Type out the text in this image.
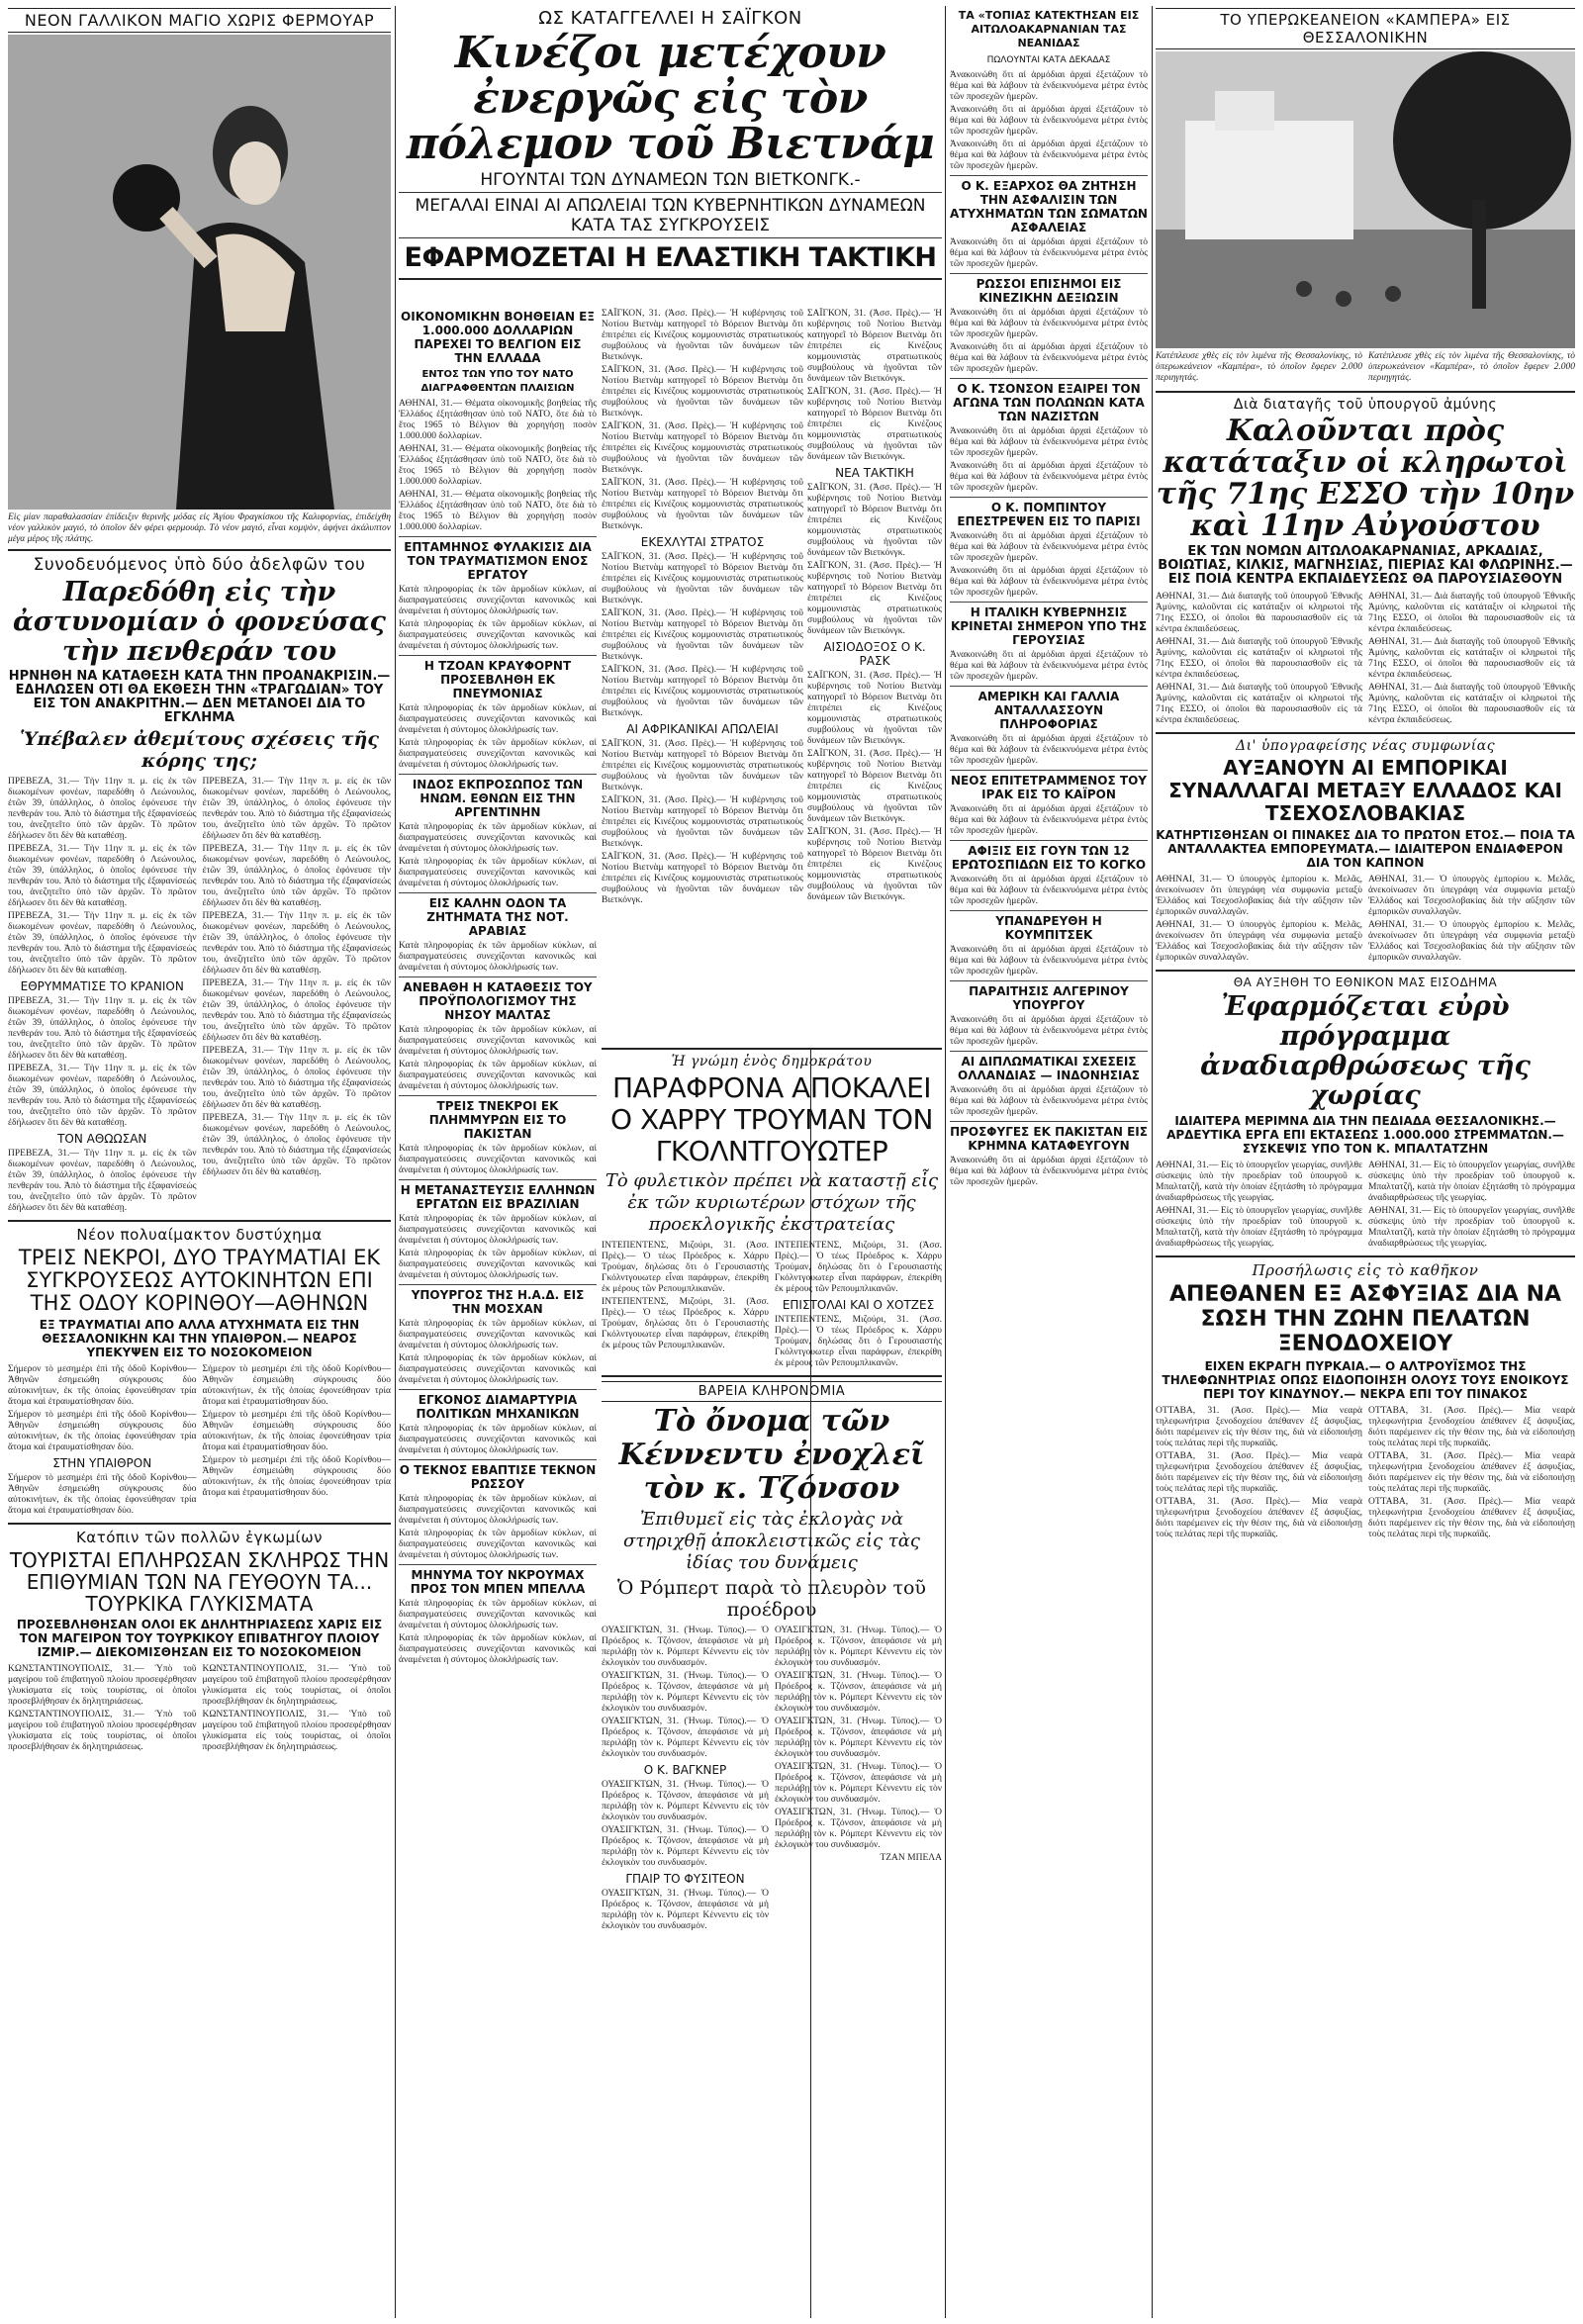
ΝΕΟΝ ΓΑΛΛΙΚΟΝ ΜΑΓΙΟ ΧΩΡΙΣ ΦΕΡΜΟΥΑΡ
Εἰς μίαν παραθαλασσίαν ἐπίδειξιν θερινῆς μόδας εἰς Ἁγίου Φραγκίσκου τῆς Καλιφορνίας, ἐπιδείχθη νέον γαλλικὸν μαγιό, τὸ ὁποῖον δὲν φέρει φερμουάρ. Τὸ νέον μαγιό, εἶναι κομψὸν, ἀφήνει ἀκάλυπτον μέγα μέρος τῆς πλάτης.
Συνοδευόμενος ὑπὸ δύο ἀδελφῶν του
Παρεδόθη εἰς τὴν ἀστυνομίαν ὁ φονεύσας τὴν πενθεράν του
ΗΡΝΗΘΗ ΝΑ ΚΑΤΑΘΕΣΗ ΚΑΤΑ ΤΗΝ ΠΡΟΑΝΑΚΡΙΣΙΝ.— ΕΔΗΛΩΣΕΝ ΟΤΙ ΘΑ ΕΚΘΕΣΗ ΤΗΝ «ΤΡΑΓΩΔΙΑΝ» ΤΟΥ ΕΙΣ ΤΟΝ ΑΝΑΚΡΙΤΗΝ.— ΔΕΝ ΜΕΤΑΝΟΕΙ ΔΙΑ ΤΟ ΕΓΚΛΗΜΑ
Ὑπέβαλεν ἀθεμίτους σχέσεις τῆς κόρης της;
ΠΡΕΒΕΖΑ, 31.— Τὴν 11ην π. μ. εἰς ἐκ τῶν διωκομένων φονέων, παρεδόθη ὁ Λεώνουλος, ἐτῶν 39, ὑπάλληλος, ὁ ὁποῖος ἐφόνευσε τὴν πενθεράν του. Ἀπὸ τὸ διάστημα τῆς ἐξαφανίσεώς του, ἀνεζητεῖτο ὑπὸ τῶν ἀρχῶν. Τὸ πρῶτον ἐδήλωσεν ὅτι δὲν θὰ καταθέσῃ.
ΠΡΕΒΕΖΑ, 31.— Τὴν 11ην π. μ. εἰς ἐκ τῶν διωκομένων φονέων, παρεδόθη ὁ Λεώνουλος, ἐτῶν 39, ὑπάλληλος, ὁ ὁποῖος ἐφόνευσε τὴν πενθεράν του. Ἀπὸ τὸ διάστημα τῆς ἐξαφανίσεώς του, ἀνεζητεῖτο ὑπὸ τῶν ἀρχῶν. Τὸ πρῶτον ἐδήλωσεν ὅτι δὲν θὰ καταθέσῃ.
ΠΡΕΒΕΖΑ, 31.— Τὴν 11ην π. μ. εἰς ἐκ τῶν διωκομένων φονέων, παρεδόθη ὁ Λεώνουλος, ἐτῶν 39, ὑπάλληλος, ὁ ὁποῖος ἐφόνευσε τὴν πενθεράν του. Ἀπὸ τὸ διάστημα τῆς ἐξαφανίσεώς του, ἀνεζητεῖτο ὑπὸ τῶν ἀρχῶν. Τὸ πρῶτον ἐδήλωσεν ὅτι δὲν θὰ καταθέσῃ.
ΕΘΡΥΜΜΑΤΙΣΕ ΤΟ ΚΡΑΝΙΟΝ
ΠΡΕΒΕΖΑ, 31.— Τὴν 11ην π. μ. εἰς ἐκ τῶν διωκομένων φονέων, παρεδόθη ὁ Λεώνουλος, ἐτῶν 39, ὑπάλληλος, ὁ ὁποῖος ἐφόνευσε τὴν πενθεράν του. Ἀπὸ τὸ διάστημα τῆς ἐξαφανίσεώς του, ἀνεζητεῖτο ὑπὸ τῶν ἀρχῶν. Τὸ πρῶτον ἐδήλωσεν ὅτι δὲν θὰ καταθέσῃ.
ΠΡΕΒΕΖΑ, 31.— Τὴν 11ην π. μ. εἰς ἐκ τῶν διωκομένων φονέων, παρεδόθη ὁ Λεώνουλος, ἐτῶν 39, ὑπάλληλος, ὁ ὁποῖος ἐφόνευσε τὴν πενθεράν του. Ἀπὸ τὸ διάστημα τῆς ἐξαφανίσεώς του, ἀνεζητεῖτο ὑπὸ τῶν ἀρχῶν. Τὸ πρῶτον ἐδήλωσεν ὅτι δὲν θὰ καταθέσῃ.
ΤΟΝ ΑΘΩΩΣΑΝ
ΠΡΕΒΕΖΑ, 31.— Τὴν 11ην π. μ. εἰς ἐκ τῶν διωκομένων φονέων, παρεδόθη ὁ Λεώνουλος, ἐτῶν 39, ὑπάλληλος, ὁ ὁποῖος ἐφόνευσε τὴν πενθεράν του. Ἀπὸ τὸ διάστημα τῆς ἐξαφανίσεώς του, ἀνεζητεῖτο ὑπὸ τῶν ἀρχῶν. Τὸ πρῶτον ἐδήλωσεν ὅτι δὲν θὰ καταθέσῃ.
ΠΡΕΒΕΖΑ, 31.— Τὴν 11ην π. μ. εἰς ἐκ τῶν διωκομένων φονέων, παρεδόθη ὁ Λεώνουλος, ἐτῶν 39, ὑπάλληλος, ὁ ὁποῖος ἐφόνευσε τὴν πενθεράν του. Ἀπὸ τὸ διάστημα τῆς ἐξαφανίσεώς του, ἀνεζητεῖτο ὑπὸ τῶν ἀρχῶν. Τὸ πρῶτον ἐδήλωσεν ὅτι δὲν θὰ καταθέσῃ.
ΠΡΕΒΕΖΑ, 31.— Τὴν 11ην π. μ. εἰς ἐκ τῶν διωκομένων φονέων, παρεδόθη ὁ Λεώνουλος, ἐτῶν 39, ὑπάλληλος, ὁ ὁποῖος ἐφόνευσε τὴν πενθεράν του. Ἀπὸ τὸ διάστημα τῆς ἐξαφανίσεώς του, ἀνεζητεῖτο ὑπὸ τῶν ἀρχῶν. Τὸ πρῶτον ἐδήλωσεν ὅτι δὲν θὰ καταθέσῃ.
ΠΡΕΒΕΖΑ, 31.— Τὴν 11ην π. μ. εἰς ἐκ τῶν διωκομένων φονέων, παρεδόθη ὁ Λεώνουλος, ἐτῶν 39, ὑπάλληλος, ὁ ὁποῖος ἐφόνευσε τὴν πενθεράν του. Ἀπὸ τὸ διάστημα τῆς ἐξαφανίσεώς του, ἀνεζητεῖτο ὑπὸ τῶν ἀρχῶν. Τὸ πρῶτον ἐδήλωσεν ὅτι δὲν θὰ καταθέσῃ.
ΠΡΕΒΕΖΑ, 31.— Τὴν 11ην π. μ. εἰς ἐκ τῶν διωκομένων φονέων, παρεδόθη ὁ Λεώνουλος, ἐτῶν 39, ὑπάλληλος, ὁ ὁποῖος ἐφόνευσε τὴν πενθεράν του. Ἀπὸ τὸ διάστημα τῆς ἐξαφανίσεώς του, ἀνεζητεῖτο ὑπὸ τῶν ἀρχῶν. Τὸ πρῶτον ἐδήλωσεν ὅτι δὲν θὰ καταθέσῃ.
ΠΡΕΒΕΖΑ, 31.— Τὴν 11ην π. μ. εἰς ἐκ τῶν διωκομένων φονέων, παρεδόθη ὁ Λεώνουλος, ἐτῶν 39, ὑπάλληλος, ὁ ὁποῖος ἐφόνευσε τὴν πενθεράν του. Ἀπὸ τὸ διάστημα τῆς ἐξαφανίσεώς του, ἀνεζητεῖτο ὑπὸ τῶν ἀρχῶν. Τὸ πρῶτον ἐδήλωσεν ὅτι δὲν θὰ καταθέσῃ.
ΠΡΕΒΕΖΑ, 31.— Τὴν 11ην π. μ. εἰς ἐκ τῶν διωκομένων φονέων, παρεδόθη ὁ Λεώνουλος, ἐτῶν 39, ὑπάλληλος, ὁ ὁποῖος ἐφόνευσε τὴν πενθεράν του. Ἀπὸ τὸ διάστημα τῆς ἐξαφανίσεώς του, ἀνεζητεῖτο ὑπὸ τῶν ἀρχῶν. Τὸ πρῶτον ἐδήλωσεν ὅτι δὲν θὰ καταθέσῃ.
Νέον πολυαίμακτον δυστύχημα
ΤΡΕΙΣ ΝΕΚΡΟΙ, ΔΥΟ ΤΡΑΥΜΑΤΙΑΙ ΕΚ ΣΥΓΚΡΟΥΣΕΩΣ ΑΥΤΟΚΙΝΗΤΩΝ ΕΠΙ ΤΗΣ ΟΔΟΥ ΚΟΡΙΝΘΟΥ—ΑΘΗΝΩΝ
ΕΞ ΤΡΑΥΜΑΤΙΑΙ ΑΠΟ ΑΛΛΑ ΑΤΥΧΗΜΑΤΑ ΕΙΣ ΤΗΝ ΘΕΣΣΑΛΟΝΙΚΗΝ ΚΑΙ ΤΗΝ ΥΠΑΙΘΡΟΝ.— ΝΕΑΡΟΣ ΥΠΕΚΥΨΕΝ ΕΙΣ ΤΟ ΝΟΣΟΚΟΜΕΙΟΝ
Σήμερον τὸ μεσημέρι ἐπὶ τῆς ὁδοῦ Κορίνθου—Ἀθηνῶν ἐσημειώθη σύγκρουσις δύο αὐτοκινήτων, ἐκ τῆς ὁποίας ἐφονεύθησαν τρία ἄτομα καὶ ἐτραυματίσθησαν δύο.
Σήμερον τὸ μεσημέρι ἐπὶ τῆς ὁδοῦ Κορίνθου—Ἀθηνῶν ἐσημειώθη σύγκρουσις δύο αὐτοκινήτων, ἐκ τῆς ὁποίας ἐφονεύθησαν τρία ἄτομα καὶ ἐτραυματίσθησαν δύο.
ΣΤΗΝ ΥΠΑΙΘΡΟΝ
Σήμερον τὸ μεσημέρι ἐπὶ τῆς ὁδοῦ Κορίνθου—Ἀθηνῶν ἐσημειώθη σύγκρουσις δύο αὐτοκινήτων, ἐκ τῆς ὁποίας ἐφονεύθησαν τρία ἄτομα καὶ ἐτραυματίσθησαν δύο.
Σήμερον τὸ μεσημέρι ἐπὶ τῆς ὁδοῦ Κορίνθου—Ἀθηνῶν ἐσημειώθη σύγκρουσις δύο αὐτοκινήτων, ἐκ τῆς ὁποίας ἐφονεύθησαν τρία ἄτομα καὶ ἐτραυματίσθησαν δύο.
Σήμερον τὸ μεσημέρι ἐπὶ τῆς ὁδοῦ Κορίνθου—Ἀθηνῶν ἐσημειώθη σύγκρουσις δύο αὐτοκινήτων, ἐκ τῆς ὁποίας ἐφονεύθησαν τρία ἄτομα καὶ ἐτραυματίσθησαν δύο.
Σήμερον τὸ μεσημέρι ἐπὶ τῆς ὁδοῦ Κορίνθου—Ἀθηνῶν ἐσημειώθη σύγκρουσις δύο αὐτοκινήτων, ἐκ τῆς ὁποίας ἐφονεύθησαν τρία ἄτομα καὶ ἐτραυματίσθησαν δύο.
Κατόπιν τῶν πολλῶν ἐγκωμίων
ΤΟΥΡΙΣΤΑΙ ΕΠΛΗΡΩΣΑΝ ΣΚΛΗΡΩΣ ΤΗΝ ΕΠΙΘΥΜΙΑΝ ΤΩΝ ΝΑ ΓΕΥΘΟΥΝ ΤΑ... ΤΟΥΡΚΙΚΑ ΓΛΥΚΙΣΜΑΤΑ
ΠΡΟΣΕΒΛΗΘΗΣΑΝ ΟΛΟΙ ΕΚ ΔΗΛΗΤΗΡΙΑΣΕΩΣ ΧΑΡΙΣ ΕΙΣ ΤΟΝ ΜΑΓΕΙΡΟΝ ΤΟΥ ΤΟΥΡΚΙΚΟΥ ΕΠΙΒΑΤΗΓΟΥ ΠΛΟΙΟΥ ΙΖΜΙΡ.— ΔΙΕΚΟΜΙΣΘΗΣΑΝ ΕΙΣ ΤΟ ΝΟΣΟΚΟΜΕΙΟΝ
ΚΩΝΣΤΑΝΤΙΝΟΥΠΟΛΙΣ, 31.— Ὑπὸ τοῦ μαγείρου τοῦ ἐπιβατηγοῦ πλοίου προσεφέρθησαν γλυκίσματα εἰς τοὺς τουρίστας, οἱ ὁποῖοι προσεβλήθησαν ἐκ δηλητηριάσεως.
ΚΩΝΣΤΑΝΤΙΝΟΥΠΟΛΙΣ, 31.— Ὑπὸ τοῦ μαγείρου τοῦ ἐπιβατηγοῦ πλοίου προσεφέρθησαν γλυκίσματα εἰς τοὺς τουρίστας, οἱ ὁποῖοι προσεβλήθησαν ἐκ δηλητηριάσεως.
ΚΩΝΣΤΑΝΤΙΝΟΥΠΟΛΙΣ, 31.— Ὑπὸ τοῦ μαγείρου τοῦ ἐπιβατηγοῦ πλοίου προσεφέρθησαν γλυκίσματα εἰς τοὺς τουρίστας, οἱ ὁποῖοι προσεβλήθησαν ἐκ δηλητηριάσεως.
ΚΩΝΣΤΑΝΤΙΝΟΥΠΟΛΙΣ, 31.— Ὑπὸ τοῦ μαγείρου τοῦ ἐπιβατηγοῦ πλοίου προσεφέρθησαν γλυκίσματα εἰς τοὺς τουρίστας, οἱ ὁποῖοι προσεβλήθησαν ἐκ δηλητηριάσεως.
ΩΣ ΚΑΤΑΓΓΕΛΛΕΙ Η ΣΑΪΓΚΟΝ
Κινέζοι μετέχουν ἐνεργῶς εἰς τὸν πόλεμον τοῦ Βιετνάμ
ΗΓΟΥΝΤΑΙ ΤΩΝ ΔΥΝΑΜΕΩΝ ΤΩΝ ΒΙΕΤΚΟΝΓΚ.-
ΜΕΓΑΛΑΙ ΕΙΝΑΙ ΑΙ ΑΠΩΛΕΙΑΙ ΤΩΝ ΚΥΒΕΡΝΗΤΙΚΩΝ ΔΥΝΑΜΕΩΝ ΚΑΤΑ ΤΑΣ ΣΥΓΚΡΟΥΣΕΙΣ
ΕΦΑΡΜΟΖΕΤΑΙ Η ΕΛΑΣΤΙΚΗ ΤΑΚΤΙΚΗ
ΟΙΚΟΝΟΜΙΚΗΝ ΒΟΗΘΕΙΑΝ ΕΞ 1.000.000 ΔΟΛΛΑΡΙΩΝ ΠΑΡΕΧΕΙ ΤΟ ΒΕΛΓΙΟΝ ΕΙΣ ΤΗΝ ΕΛΛΑΔΑ
ΕΝΤΟΣ ΤΩΝ ΥΠΟ ΤΟΥ ΝΑΤΟ ΔΙΑΓΡΑΦΘΕΝΤΩΝ ΠΛΑΙΣΙΩΝ
ΑΘΗΝΑΙ, 31.— Θέματα οἰκονομικῆς βοηθείας τῆς Ἑλλάδος ἐξητάσθησαν ὑπὸ τοῦ ΝΑΤΟ, ὅτε διὰ τὸ ἔτος 1965 τὸ Βέλγιον θὰ χορηγήσῃ ποσὸν 1.000.000 δολλαρίων.
ΑΘΗΝΑΙ, 31.— Θέματα οἰκονομικῆς βοηθείας τῆς Ἑλλάδος ἐξητάσθησαν ὑπὸ τοῦ ΝΑΤΟ, ὅτε διὰ τὸ ἔτος 1965 τὸ Βέλγιον θὰ χορηγήσῃ ποσὸν 1.000.000 δολλαρίων.
ΑΘΗΝΑΙ, 31.— Θέματα οἰκονομικῆς βοηθείας τῆς Ἑλλάδος ἐξητάσθησαν ὑπὸ τοῦ ΝΑΤΟ, ὅτε διὰ τὸ ἔτος 1965 τὸ Βέλγιον θὰ χορηγήσῃ ποσὸν 1.000.000 δολλαρίων.
ΕΠΤΑΜΗΝΟΣ ΦΥΛΑΚΙΣΙΣ ΔΙΑ ΤΟΝ ΤΡΑΥΜΑΤΙΣΜΟΝ ΕΝΟΣ ΕΡΓΑΤΟΥ
Κατὰ πληροφορίας ἐκ τῶν ἁρμοδίων κύκλων, αἱ διαπραγματεύσεις συνεχίζονται κανονικῶς καὶ ἀναμένεται ἡ σύντομος ὁλοκλήρωσίς των.
Κατὰ πληροφορίας ἐκ τῶν ἁρμοδίων κύκλων, αἱ διαπραγματεύσεις συνεχίζονται κανονικῶς καὶ ἀναμένεται ἡ σύντομος ὁλοκλήρωσίς των.
Η ΤΖΟΑΝ ΚΡΑΥΦΟΡΝΤ ΠΡΟΣΕΒΛΗΘΗ ΕΚ ΠΝΕΥΜΟΝΙΑΣ
Κατὰ πληροφορίας ἐκ τῶν ἁρμοδίων κύκλων, αἱ διαπραγματεύσεις συνεχίζονται κανονικῶς καὶ ἀναμένεται ἡ σύντομος ὁλοκλήρωσίς των.
Κατὰ πληροφορίας ἐκ τῶν ἁρμοδίων κύκλων, αἱ διαπραγματεύσεις συνεχίζονται κανονικῶς καὶ ἀναμένεται ἡ σύντομος ὁλοκλήρωσίς των.
ΙΝΔΟΣ ΕΚΠΡΟΣΩΠΟΣ ΤΩΝ ΗΝΩΜ. ΕΘΝΩΝ ΕΙΣ ΤΗΝ ΑΡΓΕΝΤΙΝΗΝ
Κατὰ πληροφορίας ἐκ τῶν ἁρμοδίων κύκλων, αἱ διαπραγματεύσεις συνεχίζονται κανονικῶς καὶ ἀναμένεται ἡ σύντομος ὁλοκλήρωσίς των.
Κατὰ πληροφορίας ἐκ τῶν ἁρμοδίων κύκλων, αἱ διαπραγματεύσεις συνεχίζονται κανονικῶς καὶ ἀναμένεται ἡ σύντομος ὁλοκλήρωσίς των.
ΕΙΣ ΚΑΛΗΝ ΟΔΟΝ ΤΑ ΖΗΤΗΜΑΤΑ ΤΗΣ ΝΟΤ. ΑΡΑΒΙΑΣ
Κατὰ πληροφορίας ἐκ τῶν ἁρμοδίων κύκλων, αἱ διαπραγματεύσεις συνεχίζονται κανονικῶς καὶ ἀναμένεται ἡ σύντομος ὁλοκλήρωσίς των.
ΑΝΕΒΑΘΗ Η ΚΑΤΑΘΕΣΙΣ ΤΟΥ ΠΡΟΫΠΟΛΟΓΙΣΜΟΥ ΤΗΣ ΝΗΣΟΥ ΜΑΛΤΑΣ
Κατὰ πληροφορίας ἐκ τῶν ἁρμοδίων κύκλων, αἱ διαπραγματεύσεις συνεχίζονται κανονικῶς καὶ ἀναμένεται ἡ σύντομος ὁλοκλήρωσίς των.
Κατὰ πληροφορίας ἐκ τῶν ἁρμοδίων κύκλων, αἱ διαπραγματεύσεις συνεχίζονται κανονικῶς καὶ ἀναμένεται ἡ σύντομος ὁλοκλήρωσίς των.
ΤΡΕΙΣ ΤΝΕΚΡΟΙ ΕΚ ΠΛΗΜΜΥΡΩΝ ΕΙΣ ΤΟ ΠΑΚΙΣΤΑΝ
Κατὰ πληροφορίας ἐκ τῶν ἁρμοδίων κύκλων, αἱ διαπραγματεύσεις συνεχίζονται κανονικῶς καὶ ἀναμένεται ἡ σύντομος ὁλοκλήρωσίς των.
Η ΜΕΤΑΝΑΣΤΕΥΣΙΣ ΕΛΛΗΝΩΝ ΕΡΓΑΤΩΝ ΕΙΣ ΒΡΑΖΙΛΙΑΝ
Κατὰ πληροφορίας ἐκ τῶν ἁρμοδίων κύκλων, αἱ διαπραγματεύσεις συνεχίζονται κανονικῶς καὶ ἀναμένεται ἡ σύντομος ὁλοκλήρωσίς των.
Κατὰ πληροφορίας ἐκ τῶν ἁρμοδίων κύκλων, αἱ διαπραγματεύσεις συνεχίζονται κανονικῶς καὶ ἀναμένεται ἡ σύντομος ὁλοκλήρωσίς των.
ΥΠΟΥΡΓΟΣ ΤΗΣ Η.Α.Δ. ΕΙΣ ΤΗΝ ΜΟΣΧΑΝ
Κατὰ πληροφορίας ἐκ τῶν ἁρμοδίων κύκλων, αἱ διαπραγματεύσεις συνεχίζονται κανονικῶς καὶ ἀναμένεται ἡ σύντομος ὁλοκλήρωσίς των.
Κατὰ πληροφορίας ἐκ τῶν ἁρμοδίων κύκλων, αἱ διαπραγματεύσεις συνεχίζονται κανονικῶς καὶ ἀναμένεται ἡ σύντομος ὁλοκλήρωσίς των.
ΕΓΚΟΝΟΣ ΔΙΑΜΑΡΤΥΡΙΑ ΠΟΛΙΤΙΚΩΝ ΜΗΧΑΝΙΚΩΝ
Κατὰ πληροφορίας ἐκ τῶν ἁρμοδίων κύκλων, αἱ διαπραγματεύσεις συνεχίζονται κανονικῶς καὶ ἀναμένεται ἡ σύντομος ὁλοκλήρωσίς των.
Ο ΤΕΚΝΟΣ ΕΒΑΠΤΙΣΕ ΤΕΚΝΟΝ ΡΩΣΣΟΥ
Κατὰ πληροφορίας ἐκ τῶν ἁρμοδίων κύκλων, αἱ διαπραγματεύσεις συνεχίζονται κανονικῶς καὶ ἀναμένεται ἡ σύντομος ὁλοκλήρωσίς των.
Κατὰ πληροφορίας ἐκ τῶν ἁρμοδίων κύκλων, αἱ διαπραγματεύσεις συνεχίζονται κανονικῶς καὶ ἀναμένεται ἡ σύντομος ὁλοκλήρωσίς των.
ΜΗΝΥΜΑ ΤΟΥ ΝΚΡΟΥΜΑΧ ΠΡΟΣ ΤΟΝ ΜΠΕΝ ΜΠΕΛΛΑ
Κατὰ πληροφορίας ἐκ τῶν ἁρμοδίων κύκλων, αἱ διαπραγματεύσεις συνεχίζονται κανονικῶς καὶ ἀναμένεται ἡ σύντομος ὁλοκλήρωσίς των.
Κατὰ πληροφορίας ἐκ τῶν ἁρμοδίων κύκλων, αἱ διαπραγματεύσεις συνεχίζονται κανονικῶς καὶ ἀναμένεται ἡ σύντομος ὁλοκλήρωσίς των.
ΣΑΪΓΚΟΝ, 31. (Ἀσσ. Πρὲς).— Ἡ κυβέρνησις τοῦ Νοτίου Βιετνὰμ κατηγορεῖ τὸ Βόρειον Βιετνὰμ ὅτι ἐπιτρέπει εἰς Κινέζους κομμουνιστὰς στρατιωτικοὺς συμβούλους νὰ ἡγοῦνται τῶν δυνάμεων τῶν Βιετκόνγκ.
ΣΑΪΓΚΟΝ, 31. (Ἀσσ. Πρὲς).— Ἡ κυβέρνησις τοῦ Νοτίου Βιετνὰμ κατηγορεῖ τὸ Βόρειον Βιετνὰμ ὅτι ἐπιτρέπει εἰς Κινέζους κομμουνιστὰς στρατιωτικοὺς συμβούλους νὰ ἡγοῦνται τῶν δυνάμεων τῶν Βιετκόνγκ.
ΣΑΪΓΚΟΝ, 31. (Ἀσσ. Πρὲς).— Ἡ κυβέρνησις τοῦ Νοτίου Βιετνὰμ κατηγορεῖ τὸ Βόρειον Βιετνὰμ ὅτι ἐπιτρέπει εἰς Κινέζους κομμουνιστὰς στρατιωτικοὺς συμβούλους νὰ ἡγοῦνται τῶν δυνάμεων τῶν Βιετκόνγκ.
ΣΑΪΓΚΟΝ, 31. (Ἀσσ. Πρὲς).— Ἡ κυβέρνησις τοῦ Νοτίου Βιετνὰμ κατηγορεῖ τὸ Βόρειον Βιετνὰμ ὅτι ἐπιτρέπει εἰς Κινέζους κομμουνιστὰς στρατιωτικοὺς συμβούλους νὰ ἡγοῦνται τῶν δυνάμεων τῶν Βιετκόνγκ.
ΕΚΕΧΛΥΤΑΙ ΣΤΡΑΤΟΣ
ΣΑΪΓΚΟΝ, 31. (Ἀσσ. Πρὲς).— Ἡ κυβέρνησις τοῦ Νοτίου Βιετνὰμ κατηγορεῖ τὸ Βόρειον Βιετνὰμ ὅτι ἐπιτρέπει εἰς Κινέζους κομμουνιστὰς στρατιωτικοὺς συμβούλους νὰ ἡγοῦνται τῶν δυνάμεων τῶν Βιετκόνγκ.
ΣΑΪΓΚΟΝ, 31. (Ἀσσ. Πρὲς).— Ἡ κυβέρνησις τοῦ Νοτίου Βιετνὰμ κατηγορεῖ τὸ Βόρειον Βιετνὰμ ὅτι ἐπιτρέπει εἰς Κινέζους κομμουνιστὰς στρατιωτικοὺς συμβούλους νὰ ἡγοῦνται τῶν δυνάμεων τῶν Βιετκόνγκ.
ΣΑΪΓΚΟΝ, 31. (Ἀσσ. Πρὲς).— Ἡ κυβέρνησις τοῦ Νοτίου Βιετνὰμ κατηγορεῖ τὸ Βόρειον Βιετνὰμ ὅτι ἐπιτρέπει εἰς Κινέζους κομμουνιστὰς στρατιωτικοὺς συμβούλους νὰ ἡγοῦνται τῶν δυνάμεων τῶν Βιετκόνγκ.
ΑΙ ΑΦΡΙΚΑΝΙΚΑΙ ΑΠΩΛΕΙΑΙ
ΣΑΪΓΚΟΝ, 31. (Ἀσσ. Πρὲς).— Ἡ κυβέρνησις τοῦ Νοτίου Βιετνὰμ κατηγορεῖ τὸ Βόρειον Βιετνὰμ ὅτι ἐπιτρέπει εἰς Κινέζους κομμουνιστὰς στρατιωτικοὺς συμβούλους νὰ ἡγοῦνται τῶν δυνάμεων τῶν Βιετκόνγκ.
ΣΑΪΓΚΟΝ, 31. (Ἀσσ. Πρὲς).— Ἡ κυβέρνησις τοῦ Νοτίου Βιετνὰμ κατηγορεῖ τὸ Βόρειον Βιετνὰμ ὅτι ἐπιτρέπει εἰς Κινέζους κομμουνιστὰς στρατιωτικοὺς συμβούλους νὰ ἡγοῦνται τῶν δυνάμεων τῶν Βιετκόνγκ.
ΣΑΪΓΚΟΝ, 31. (Ἀσσ. Πρὲς).— Ἡ κυβέρνησις τοῦ Νοτίου Βιετνὰμ κατηγορεῖ τὸ Βόρειον Βιετνὰμ ὅτι ἐπιτρέπει εἰς Κινέζους κομμουνιστὰς στρατιωτικοὺς συμβούλους νὰ ἡγοῦνται τῶν δυνάμεων τῶν Βιετκόνγκ.
ΣΑΪΓΚΟΝ, 31. (Ἀσσ. Πρὲς).— Ἡ κυβέρνησις τοῦ Νοτίου Βιετνὰμ κατηγορεῖ τὸ Βόρειον Βιετνὰμ ὅτι ἐπιτρέπει εἰς Κινέζους κομμουνιστὰς στρατιωτικοὺς συμβούλους νὰ ἡγοῦνται τῶν δυνάμεων τῶν Βιετκόνγκ.
ΣΑΪΓΚΟΝ, 31. (Ἀσσ. Πρὲς).— Ἡ κυβέρνησις τοῦ Νοτίου Βιετνὰμ κατηγορεῖ τὸ Βόρειον Βιετνὰμ ὅτι ἐπιτρέπει εἰς Κινέζους κομμουνιστὰς στρατιωτικοὺς συμβούλους νὰ ἡγοῦνται τῶν δυνάμεων τῶν Βιετκόνγκ.
ΝΕΑ ΤΑΚΤΙΚΗ
ΣΑΪΓΚΟΝ, 31. (Ἀσσ. Πρὲς).— Ἡ κυβέρνησις τοῦ Νοτίου Βιετνὰμ κατηγορεῖ τὸ Βόρειον Βιετνὰμ ὅτι ἐπιτρέπει εἰς Κινέζους κομμουνιστὰς στρατιωτικοὺς συμβούλους νὰ ἡγοῦνται τῶν δυνάμεων τῶν Βιετκόνγκ.
ΣΑΪΓΚΟΝ, 31. (Ἀσσ. Πρὲς).— Ἡ κυβέρνησις τοῦ Νοτίου Βιετνὰμ κατηγορεῖ τὸ Βόρειον Βιετνὰμ ὅτι ἐπιτρέπει εἰς Κινέζους κομμουνιστὰς στρατιωτικοὺς συμβούλους νὰ ἡγοῦνται τῶν δυνάμεων τῶν Βιετκόνγκ.
ΑΙΣΙΟΔΟΞΟΣ Ο Κ. ΡΑΣΚ
ΣΑΪΓΚΟΝ, 31. (Ἀσσ. Πρὲς).— Ἡ κυβέρνησις τοῦ Νοτίου Βιετνὰμ κατηγορεῖ τὸ Βόρειον Βιετνὰμ ὅτι ἐπιτρέπει εἰς Κινέζους κομμουνιστὰς στρατιωτικοὺς συμβούλους νὰ ἡγοῦνται τῶν δυνάμεων τῶν Βιετκόνγκ.
ΣΑΪΓΚΟΝ, 31. (Ἀσσ. Πρὲς).— Ἡ κυβέρνησις τοῦ Νοτίου Βιετνὰμ κατηγορεῖ τὸ Βόρειον Βιετνὰμ ὅτι ἐπιτρέπει εἰς Κινέζους κομμουνιστὰς στρατιωτικοὺς συμβούλους νὰ ἡγοῦνται τῶν δυνάμεων τῶν Βιετκόνγκ.
ΣΑΪΓΚΟΝ, 31. (Ἀσσ. Πρὲς).— Ἡ κυβέρνησις τοῦ Νοτίου Βιετνὰμ κατηγορεῖ τὸ Βόρειον Βιετνὰμ ὅτι ἐπιτρέπει εἰς Κινέζους κομμουνιστὰς στρατιωτικοὺς συμβούλους νὰ ἡγοῦνται τῶν δυνάμεων τῶν Βιετκόνγκ.
Ἡ γνώμη ἑνὸς δημοκράτου
ΠΑΡΑΦΡΟΝΑ ΑΠΟΚΑΛΕΙ Ο ΧΑΡΡΥ ΤΡΟΥΜΑΝ ΤΟΝ ΓΚΟΛΝΤΓΟΥΩΤΕΡ
Τὸ φυλετικὸν πρέπει νὰ καταστῇ εἷς ἐκ τῶν κυριωτέρων στόχων τῆς προεκλογικῆς ἐκστρατείας
ΙΝΤΕΠΕΝΤΕΝΣ, Μιζούρι, 31. (Ἀσσ. Πρὲς).— Ὁ τέως Πρόεδρος κ. Χάρρυ Τρούμαν, δηλώσας ὅτι ὁ Γερουσιαστὴς Γκόλντγουωτερ εἶναι παράφρων, ἐπεκρίθη ἐκ μέρους τῶν Ρεπουμπλικανῶν.
ΙΝΤΕΠΕΝΤΕΝΣ, Μιζούρι, 31. (Ἀσσ. Πρὲς).— Ὁ τέως Πρόεδρος κ. Χάρρυ Τρούμαν, δηλώσας ὅτι ὁ Γερουσιαστὴς Γκόλντγουωτερ εἶναι παράφρων, ἐπεκρίθη ἐκ μέρους τῶν Ρεπουμπλικανῶν.
ΙΝΤΕΠΕΝΤΕΝΣ, Μιζούρι, 31. (Ἀσσ. Πρὲς).— Ὁ τέως Πρόεδρος κ. Χάρρυ Τρούμαν, δηλώσας ὅτι ὁ Γερουσιαστὴς Γκόλντγουωτερ εἶναι παράφρων, ἐπεκρίθη ἐκ μέρους τῶν Ρεπουμπλικανῶν.
ΕΠΙΣΤΟΛΑΙ ΚΑΙ Ο ΧΟΤΖΕΣ
ΙΝΤΕΠΕΝΤΕΝΣ, Μιζούρι, 31. (Ἀσσ. Πρὲς).— Ὁ τέως Πρόεδρος κ. Χάρρυ Τρούμαν, δηλώσας ὅτι ὁ Γερουσιαστὴς Γκόλντγουωτερ εἶναι παράφρων, ἐπεκρίθη ἐκ μέρους τῶν Ρεπουμπλικανῶν.
ΒΑΡΕΙΑ ΚΛΗΡΟΝΟΜΙΑ
Τὸ ὄνομα τῶν Κέννεντυ ἐνοχλεῖ τὸν κ. Τζόνσον
Ἐπιθυμεῖ εἰς τὰς ἐκλογὰς νὰ στηριχθῇ ἀποκλειστικῶς εἰς τὰς ἰδίας του δυνάμεις
Ὁ Ρόμπερτ παρὰ τὸ πλευρὸν τοῦ προέδρου
ΟΥΑΣΙΓΚΤΩΝ, 31. (Ἡνωμ. Τύπος).— Ὁ Πρόεδρος κ. Τζόνσον, ἀπεφάσισε νὰ μὴ περιλάβῃ τὸν κ. Ρόμπερτ Κέννεντυ εἰς τὸν ἐκλογικὸν του συνδυασμόν.
ΟΥΑΣΙΓΚΤΩΝ, 31. (Ἡνωμ. Τύπος).— Ὁ Πρόεδρος κ. Τζόνσον, ἀπεφάσισε νὰ μὴ περιλάβῃ τὸν κ. Ρόμπερτ Κέννεντυ εἰς τὸν ἐκλογικὸν του συνδυασμόν.
ΟΥΑΣΙΓΚΤΩΝ, 31. (Ἡνωμ. Τύπος).— Ὁ Πρόεδρος κ. Τζόνσον, ἀπεφάσισε νὰ μὴ περιλάβῃ τὸν κ. Ρόμπερτ Κέννεντυ εἰς τὸν ἐκλογικὸν του συνδυασμόν.
Ο Κ. ΒΑΓΚΝΕΡ
ΟΥΑΣΙΓΚΤΩΝ, 31. (Ἡνωμ. Τύπος).— Ὁ Πρόεδρος κ. Τζόνσον, ἀπεφάσισε νὰ μὴ περιλάβῃ τὸν κ. Ρόμπερτ Κέννεντυ εἰς τὸν ἐκλογικὸν του συνδυασμόν.
ΟΥΑΣΙΓΚΤΩΝ, 31. (Ἡνωμ. Τύπος).— Ὁ Πρόεδρος κ. Τζόνσον, ἀπεφάσισε νὰ μὴ περιλάβῃ τὸν κ. Ρόμπερτ Κέννεντυ εἰς τὸν ἐκλογικὸν του συνδυασμόν.
ΓΠΑΙΡ ΤΟ ΦΥΣΙΤΕΟΝ
ΟΥΑΣΙΓΚΤΩΝ, 31. (Ἡνωμ. Τύπος).— Ὁ Πρόεδρος κ. Τζόνσον, ἀπεφάσισε νὰ μὴ περιλάβῃ τὸν κ. Ρόμπερτ Κέννεντυ εἰς τὸν ἐκλογικὸν του συνδυασμόν.
ΟΥΑΣΙΓΚΤΩΝ, 31. (Ἡνωμ. Τύπος).— Ὁ Πρόεδρος κ. Τζόνσον, ἀπεφάσισε νὰ μὴ περιλάβῃ τὸν κ. Ρόμπερτ Κέννεντυ εἰς τὸν ἐκλογικὸν του συνδυασμόν.
ΟΥΑΣΙΓΚΤΩΝ, 31. (Ἡνωμ. Τύπος).— Ὁ Πρόεδρος κ. Τζόνσον, ἀπεφάσισε νὰ μὴ περιλάβῃ τὸν κ. Ρόμπερτ Κέννεντυ εἰς τὸν ἐκλογικὸν του συνδυασμόν.
ΟΥΑΣΙΓΚΤΩΝ, 31. (Ἡνωμ. Τύπος).— Ὁ Πρόεδρος κ. Τζόνσον, ἀπεφάσισε νὰ μὴ περιλάβῃ τὸν κ. Ρόμπερτ Κέννεντυ εἰς τὸν ἐκλογικὸν του συνδυασμόν.
ΟΥΑΣΙΓΚΤΩΝ, 31. (Ἡνωμ. Τύπος).— Ὁ Πρόεδρος κ. Τζόνσον, ἀπεφάσισε νὰ μὴ περιλάβῃ τὸν κ. Ρόμπερτ Κέννεντυ εἰς τὸν ἐκλογικὸν του συνδυασμόν.
ΟΥΑΣΙΓΚΤΩΝ, 31. (Ἡνωμ. Τύπος).— Ὁ Πρόεδρος κ. Τζόνσον, ἀπεφάσισε νὰ μὴ περιλάβῃ τὸν κ. Ρόμπερτ Κέννεντυ εἰς τὸν ἐκλογικὸν του συνδυασμόν.
ΤΖΑΝ ΜΠΕΛΑ
ΤΑ «ΤΟΠΙΑΣ ΚΑΤΕΚΤΗΣΑΝ ΕΙΣ ΑΙΤΩΛΟΑΚΑΡΝΑΝΙΑΝ ΤΑΣ ΝΕΑΝΙΔΑΣ
ΠΩΛΟΥΝΤΑΙ ΚΑΤΑ ΔΕΚΑΔΑΣ
Ἀνακοινώθη ὅτι αἱ ἀρμόδιαι ἀρχαὶ ἐξετάζουν τὸ θέμα καὶ θὰ λάβουν τὰ ἐνδεικνυόμενα μέτρα ἐντὸς τῶν προσεχῶν ἡμερῶν.
Ἀνακοινώθη ὅτι αἱ ἀρμόδιαι ἀρχαὶ ἐξετάζουν τὸ θέμα καὶ θὰ λάβουν τὰ ἐνδεικνυόμενα μέτρα ἐντὸς τῶν προσεχῶν ἡμερῶν.
Ἀνακοινώθη ὅτι αἱ ἀρμόδιαι ἀρχαὶ ἐξετάζουν τὸ θέμα καὶ θὰ λάβουν τὰ ἐνδεικνυόμενα μέτρα ἐντὸς τῶν προσεχῶν ἡμερῶν.
Ο Κ. ΕΞΑΡΧΟΣ ΘΑ ΖΗΤΗΣΗ ΤΗΝ ΑΣΦΑΛΙΣΙΝ ΤΩΝ ΑΤΥΧΗΜΑΤΩΝ ΤΩΝ ΣΩΜΑΤΩΝ ΑΣΦΑΛΕΙΑΣ
Ἀνακοινώθη ὅτι αἱ ἀρμόδιαι ἀρχαὶ ἐξετάζουν τὸ θέμα καὶ θὰ λάβουν τὰ ἐνδεικνυόμενα μέτρα ἐντὸς τῶν προσεχῶν ἡμερῶν.
ΡΩΣΣΟΙ ΕΠΙΣΗΜΟΙ ΕΙΣ ΚΙΝΕΖΙΚΗΝ ΔΕΞΙΩΣΙΝ
Ἀνακοινώθη ὅτι αἱ ἀρμόδιαι ἀρχαὶ ἐξετάζουν τὸ θέμα καὶ θὰ λάβουν τὰ ἐνδεικνυόμενα μέτρα ἐντὸς τῶν προσεχῶν ἡμερῶν.
Ἀνακοινώθη ὅτι αἱ ἀρμόδιαι ἀρχαὶ ἐξετάζουν τὸ θέμα καὶ θὰ λάβουν τὰ ἐνδεικνυόμενα μέτρα ἐντὸς τῶν προσεχῶν ἡμερῶν.
Ο Κ. ΤΣΟΝΣΟΝ ΕΞΑΙΡΕΙ ΤΟΝ ΑΓΩΝΑ ΤΩΝ ΠΟΛΩΝΩΝ ΚΑΤΑ ΤΩΝ ΝΑΖΙΣΤΩΝ
Ἀνακοινώθη ὅτι αἱ ἀρμόδιαι ἀρχαὶ ἐξετάζουν τὸ θέμα καὶ θὰ λάβουν τὰ ἐνδεικνυόμενα μέτρα ἐντὸς τῶν προσεχῶν ἡμερῶν.
Ἀνακοινώθη ὅτι αἱ ἀρμόδιαι ἀρχαὶ ἐξετάζουν τὸ θέμα καὶ θὰ λάβουν τὰ ἐνδεικνυόμενα μέτρα ἐντὸς τῶν προσεχῶν ἡμερῶν.
Ο Κ. ΠΟΜΠΙΝΤΟΥ ΕΠΕΣΤΡΕΨΕΝ ΕΙΣ ΤΟ ΠΑΡΙΣΙ
Ἀνακοινώθη ὅτι αἱ ἀρμόδιαι ἀρχαὶ ἐξετάζουν τὸ θέμα καὶ θὰ λάβουν τὰ ἐνδεικνυόμενα μέτρα ἐντὸς τῶν προσεχῶν ἡμερῶν.
Ἀνακοινώθη ὅτι αἱ ἀρμόδιαι ἀρχαὶ ἐξετάζουν τὸ θέμα καὶ θὰ λάβουν τὰ ἐνδεικνυόμενα μέτρα ἐντὸς τῶν προσεχῶν ἡμερῶν.
Η ΙΤΑΛΙΚΗ ΚΥΒΕΡΝΗΣΙΣ ΚΡΙΝΕΤΑΙ ΣΗΜΕΡΟΝ ΥΠΟ ΤΗΣ ΓΕΡΟΥΣΙΑΣ
Ἀνακοινώθη ὅτι αἱ ἀρμόδιαι ἀρχαὶ ἐξετάζουν τὸ θέμα καὶ θὰ λάβουν τὰ ἐνδεικνυόμενα μέτρα ἐντὸς τῶν προσεχῶν ἡμερῶν.
ΑΜΕΡΙΚΗ ΚΑΙ ΓΑΛΛΙΑ ΑΝΤΑΛΛΑΣΣΟΥΝ ΠΛΗΡΟΦΟΡΙΑΣ
Ἀνακοινώθη ὅτι αἱ ἀρμόδιαι ἀρχαὶ ἐξετάζουν τὸ θέμα καὶ θὰ λάβουν τὰ ἐνδεικνυόμενα μέτρα ἐντὸς τῶν προσεχῶν ἡμερῶν.
ΝΕΟΣ ΕΠΙΤΕΤΡΑΜΜΕΝΟΣ ΤΟΥ ΙΡΑΚ ΕΙΣ ΤΟ ΚΑΪΡΟΝ
Ἀνακοινώθη ὅτι αἱ ἀρμόδιαι ἀρχαὶ ἐξετάζουν τὸ θέμα καὶ θὰ λάβουν τὰ ἐνδεικνυόμενα μέτρα ἐντὸς τῶν προσεχῶν ἡμερῶν.
ΑΦΙΞΙΣ ΕΙΣ ΓΟΥΝ ΤΩΝ 12 ΕΡΩΤΟΣΠΙΔΩΝ ΕΙΣ ΤΟ ΚΟΓΚΟ
Ἀνακοινώθη ὅτι αἱ ἀρμόδιαι ἀρχαὶ ἐξετάζουν τὸ θέμα καὶ θὰ λάβουν τὰ ἐνδεικνυόμενα μέτρα ἐντὸς τῶν προσεχῶν ἡμερῶν.
ΥΠΑΝΔΡΕΥΘΗ Η ΚΟΥΜΠΙΤΣΕΚ
Ἀνακοινώθη ὅτι αἱ ἀρμόδιαι ἀρχαὶ ἐξετάζουν τὸ θέμα καὶ θὰ λάβουν τὰ ἐνδεικνυόμενα μέτρα ἐντὸς τῶν προσεχῶν ἡμερῶν.
ΠΑΡΑΙΤΗΣΙΣ ΑΛΓΕΡΙΝΟΥ ΥΠΟΥΡΓΟΥ
Ἀνακοινώθη ὅτι αἱ ἀρμόδιαι ἀρχαὶ ἐξετάζουν τὸ θέμα καὶ θὰ λάβουν τὰ ἐνδεικνυόμενα μέτρα ἐντὸς τῶν προσεχῶν ἡμερῶν.
ΑΙ ΔΙΠΛΩΜΑΤΙΚΑΙ ΣΧΕΣΕΙΣ ΟΛΛΑΝΔΙΑΣ — ΙΝΔΟΝΗΣΙΑΣ
Ἀνακοινώθη ὅτι αἱ ἀρμόδιαι ἀρχαὶ ἐξετάζουν τὸ θέμα καὶ θὰ λάβουν τὰ ἐνδεικνυόμενα μέτρα ἐντὸς τῶν προσεχῶν ἡμερῶν.
ΠΡΟΣΦΥΓΕΣ ΕΚ ΠΑΚΙΣΤΑΝ ΕΙΣ ΚΡΗΜΝΑ ΚΑΤΑΦΕΥΓΟΥΝ
Ἀνακοινώθη ὅτι αἱ ἀρμόδιαι ἀρχαὶ ἐξετάζουν τὸ θέμα καὶ θὰ λάβουν τὰ ἐνδεικνυόμενα μέτρα ἐντὸς τῶν προσεχῶν ἡμερῶν.
ΤΟ ΥΠΕΡΩΚΕΑΝΕΙΟΝ «ΚΑΜΠΕΡΑ» ΕΙΣ ΘΕΣΣΑΛΟΝΙΚΗΝ
Κατέπλευσε χθὲς εἰς τὸν λιμένα τῆς Θεσσαλονίκης, τὸ ὑπερωκεάνειον «Καμπέρα», τὸ ὁποῖον ἔφερεν 2.000 περιηγητάς.
Κατέπλευσε χθὲς εἰς τὸν λιμένα τῆς Θεσσαλονίκης, τὸ ὑπερωκεάνειον «Καμπέρα», τὸ ὁποῖον ἔφερεν 2.000 περιηγητάς.
Διὰ διαταγῆς τοῦ ὑπουργοῦ ἀμύνης
Καλοῦνται πρὸς κατάταξιν οἱ κληρωτοὶ τῆς 71ης ΕΣΣΟ τὴν 10ην καὶ 11ην Αὐγούστου
ΕΚ ΤΩΝ ΝΟΜΩΝ ΑΙΤΩΛΟΑΚΑΡΝΑΝΙΑΣ, ΑΡΚΑΔΙΑΣ, ΒΟΙΩΤΙΑΣ, ΚΙΛΚΙΣ, ΜΑΓΝΗΣΙΑΣ, ΠΙΕΡΙΑΣ ΚΑΙ ΦΛΩΡΙΝΗΣ.— ΕΙΣ ΠΟΙΑ ΚΕΝΤΡΑ ΕΚΠΑΙΔΕΥΣΕΩΣ ΘΑ ΠΑΡΟΥΣΙΑΣΘΟΥΝ
ΑΘΗΝΑΙ, 31.— Διὰ διαταγῆς τοῦ ὑπουργοῦ Ἐθνικῆς Ἀμύνης, καλοῦνται εἰς κατάταξιν οἱ κληρωτοὶ τῆς 71ης ΕΣΣΟ, οἱ ὁποῖοι θὰ παρουσιασθοῦν εἰς τὰ κέντρα ἐκπαιδεύσεως.
ΑΘΗΝΑΙ, 31.— Διὰ διαταγῆς τοῦ ὑπουργοῦ Ἐθνικῆς Ἀμύνης, καλοῦνται εἰς κατάταξιν οἱ κληρωτοὶ τῆς 71ης ΕΣΣΟ, οἱ ὁποῖοι θὰ παρουσιασθοῦν εἰς τὰ κέντρα ἐκπαιδεύσεως.
ΑΘΗΝΑΙ, 31.— Διὰ διαταγῆς τοῦ ὑπουργοῦ Ἐθνικῆς Ἀμύνης, καλοῦνται εἰς κατάταξιν οἱ κληρωτοὶ τῆς 71ης ΕΣΣΟ, οἱ ὁποῖοι θὰ παρουσιασθοῦν εἰς τὰ κέντρα ἐκπαιδεύσεως.
ΑΘΗΝΑΙ, 31.— Διὰ διαταγῆς τοῦ ὑπουργοῦ Ἐθνικῆς Ἀμύνης, καλοῦνται εἰς κατάταξιν οἱ κληρωτοὶ τῆς 71ης ΕΣΣΟ, οἱ ὁποῖοι θὰ παρουσιασθοῦν εἰς τὰ κέντρα ἐκπαιδεύσεως.
ΑΘΗΝΑΙ, 31.— Διὰ διαταγῆς τοῦ ὑπουργοῦ Ἐθνικῆς Ἀμύνης, καλοῦνται εἰς κατάταξιν οἱ κληρωτοὶ τῆς 71ης ΕΣΣΟ, οἱ ὁποῖοι θὰ παρουσιασθοῦν εἰς τὰ κέντρα ἐκπαιδεύσεως.
ΑΘΗΝΑΙ, 31.— Διὰ διαταγῆς τοῦ ὑπουργοῦ Ἐθνικῆς Ἀμύνης, καλοῦνται εἰς κατάταξιν οἱ κληρωτοὶ τῆς 71ης ΕΣΣΟ, οἱ ὁποῖοι θὰ παρουσιασθοῦν εἰς τὰ κέντρα ἐκπαιδεύσεως.
Δι' ὑπογραφείσης νέας συμφωνίας
ΑΥΞΑΝΟΥΝ ΑΙ ΕΜΠΟΡΙΚΑΙ ΣΥΝΑΛΛΑΓΑΙ ΜΕΤΑΞΥ ΕΛΛΑΔΟΣ ΚΑΙ ΤΣΕΧΟΣΛΟΒΑΚΙΑΣ
ΚΑΤΗΡΤΙΣΘΗΣΑΝ ΟΙ ΠΙΝΑΚΕΣ ΔΙΑ ΤΟ ΠΡΩΤΟΝ ΕΤΟΣ.— ΠΟΙΑ ΤΑ ΑΝΤΑΛΛΑΚΤΕΑ ΕΜΠΟΡΕΥΜΑΤΑ.— ΙΔΙΑΙΤΕΡΟΝ ΕΝΔΙΑΦΕΡΟΝ ΔΙΑ ΤΟΝ ΚΑΠΝΟΝ
ΑΘΗΝΑΙ, 31.— Ὁ ὑπουργὸς ἐμπορίου κ. Μελᾶς, ἀνεκοίνωσεν ὅτι ὑπεγράφη νέα συμφωνία μεταξὺ Ἑλλάδος καὶ Τσεχοσλοβακίας διὰ τὴν αὔξησιν τῶν ἐμπορικῶν συναλλαγῶν.
ΑΘΗΝΑΙ, 31.— Ὁ ὑπουργὸς ἐμπορίου κ. Μελᾶς, ἀνεκοίνωσεν ὅτι ὑπεγράφη νέα συμφωνία μεταξὺ Ἑλλάδος καὶ Τσεχοσλοβακίας διὰ τὴν αὔξησιν τῶν ἐμπορικῶν συναλλαγῶν.
ΑΘΗΝΑΙ, 31.— Ὁ ὑπουργὸς ἐμπορίου κ. Μελᾶς, ἀνεκοίνωσεν ὅτι ὑπεγράφη νέα συμφωνία μεταξὺ Ἑλλάδος καὶ Τσεχοσλοβακίας διὰ τὴν αὔξησιν τῶν ἐμπορικῶν συναλλαγῶν.
ΑΘΗΝΑΙ, 31.— Ὁ ὑπουργὸς ἐμπορίου κ. Μελᾶς, ἀνεκοίνωσεν ὅτι ὑπεγράφη νέα συμφωνία μεταξὺ Ἑλλάδος καὶ Τσεχοσλοβακίας διὰ τὴν αὔξησιν τῶν ἐμπορικῶν συναλλαγῶν.
ΘΑ ΑΥΞΗΘΗ ΤΟ ΕΘΝΙΚΟΝ ΜΑΣ ΕΙΣΟΔΗΜΑ
Ἐφαρμόζεται εὐρὺ πρόγραμμα ἀναδιαρθρώσεως τῆς χωρίας
ΙΔΙΑΙΤΕΡΑ ΜΕΡΙΜΝΑ ΔΙΑ ΤΗΝ ΠΕΔΙΑΔΑ ΘΕΣΣΑΛΟΝΙΚΗΣ.— ΑΡΔΕΥΤΙΚΑ ΕΡΓΑ ΕΠΙ ΕΚΤΑΣΕΩΣ 1.000.000 ΣΤΡΕΜΜΑΤΩΝ.— ΣΥΣΚΕΨΙΣ ΥΠΟ ΤΟΝ Κ. ΜΠΑΛΤΑΤΖΗΝ
ΑΘΗΝΑΙ, 31.— Εἰς τὸ ὑπουργεῖον γεωργίας, συνῆλθε σύσκεψις ὑπὸ τὴν προεδρίαν τοῦ ὑπουργοῦ κ. Μπαλτατζῆ, κατὰ τὴν ὁποίαν ἐξητάσθη τὸ πρόγραμμα ἀναδιαρθρώσεως τῆς γεωργίας.
ΑΘΗΝΑΙ, 31.— Εἰς τὸ ὑπουργεῖον γεωργίας, συνῆλθε σύσκεψις ὑπὸ τὴν προεδρίαν τοῦ ὑπουργοῦ κ. Μπαλτατζῆ, κατὰ τὴν ὁποίαν ἐξητάσθη τὸ πρόγραμμα ἀναδιαρθρώσεως τῆς γεωργίας.
ΑΘΗΝΑΙ, 31.— Εἰς τὸ ὑπουργεῖον γεωργίας, συνῆλθε σύσκεψις ὑπὸ τὴν προεδρίαν τοῦ ὑπουργοῦ κ. Μπαλτατζῆ, κατὰ τὴν ὁποίαν ἐξητάσθη τὸ πρόγραμμα ἀναδιαρθρώσεως τῆς γεωργίας.
ΑΘΗΝΑΙ, 31.— Εἰς τὸ ὑπουργεῖον γεωργίας, συνῆλθε σύσκεψις ὑπὸ τὴν προεδρίαν τοῦ ὑπουργοῦ κ. Μπαλτατζῆ, κατὰ τὴν ὁποίαν ἐξητάσθη τὸ πρόγραμμα ἀναδιαρθρώσεως τῆς γεωργίας.
Προσήλωσις εἰς τὸ καθῆκον
ΑΠΕΘΑΝΕΝ ΕΞ ΑΣΦΥΞΙΑΣ ΔΙΑ ΝΑ ΣΩΣΗ ΤΗΝ ΖΩΗΝ ΠΕΛΑΤΩΝ ΞΕΝΟΔΟΧΕΙΟΥ
ΕΙΧΕΝ ΕΚΡΑΓΗ ΠΥΡΚΑΙΑ.— Ο ΑΛΤΡΟΥΪΣΜΟΣ ΤΗΣ ΤΗΛΕΦΩΝΗΤΡΙΑΣ ΟΠΩΣ ΕΙΔΟΠΟΙΗΣΗ ΟΛΟΥΣ ΤΟΥΣ ΕΝΟΙΚΟΥΣ ΠΕΡΙ ΤΟΥ ΚΙΝΔΥΝΟΥ.— ΝΕΚΡΑ ΕΠΙ ΤΟΥ ΠΙΝΑΚΟΣ
ΟΤΤΑΒΑ, 31. (Ἀσσ. Πρὲς).— Μία νεαρὰ τηλεφωνήτρια ξενοδοχείου ἀπέθανεν ἐξ ἀσφυξίας, διότι παρέμεινεν εἰς τὴν θέσιν της, διὰ νὰ εἰδοποιήσῃ τοὺς πελάτας περὶ τῆς πυρκαϊᾶς.
ΟΤΤΑΒΑ, 31. (Ἀσσ. Πρὲς).— Μία νεαρὰ τηλεφωνήτρια ξενοδοχείου ἀπέθανεν ἐξ ἀσφυξίας, διότι παρέμεινεν εἰς τὴν θέσιν της, διὰ νὰ εἰδοποιήσῃ τοὺς πελάτας περὶ τῆς πυρκαϊᾶς.
ΟΤΤΑΒΑ, 31. (Ἀσσ. Πρὲς).— Μία νεαρὰ τηλεφωνήτρια ξενοδοχείου ἀπέθανεν ἐξ ἀσφυξίας, διότι παρέμεινεν εἰς τὴν θέσιν της, διὰ νὰ εἰδοποιήσῃ τοὺς πελάτας περὶ τῆς πυρκαϊᾶς.
ΟΤΤΑΒΑ, 31. (Ἀσσ. Πρὲς).— Μία νεαρὰ τηλεφωνήτρια ξενοδοχείου ἀπέθανεν ἐξ ἀσφυξίας, διότι παρέμεινεν εἰς τὴν θέσιν της, διὰ νὰ εἰδοποιήσῃ τοὺς πελάτας περὶ τῆς πυρκαϊᾶς.
ΟΤΤΑΒΑ, 31. (Ἀσσ. Πρὲς).— Μία νεαρὰ τηλεφωνήτρια ξενοδοχείου ἀπέθανεν ἐξ ἀσφυξίας, διότι παρέμεινεν εἰς τὴν θέσιν της, διὰ νὰ εἰδοποιήσῃ τοὺς πελάτας περὶ τῆς πυρκαϊᾶς.
ΟΤΤΑΒΑ, 31. (Ἀσσ. Πρὲς).— Μία νεαρὰ τηλεφωνήτρια ξενοδοχείου ἀπέθανεν ἐξ ἀσφυξίας, διότι παρέμεινεν εἰς τὴν θέσιν της, διὰ νὰ εἰδοποιήσῃ τοὺς πελάτας περὶ τῆς πυρκαϊᾶς.
